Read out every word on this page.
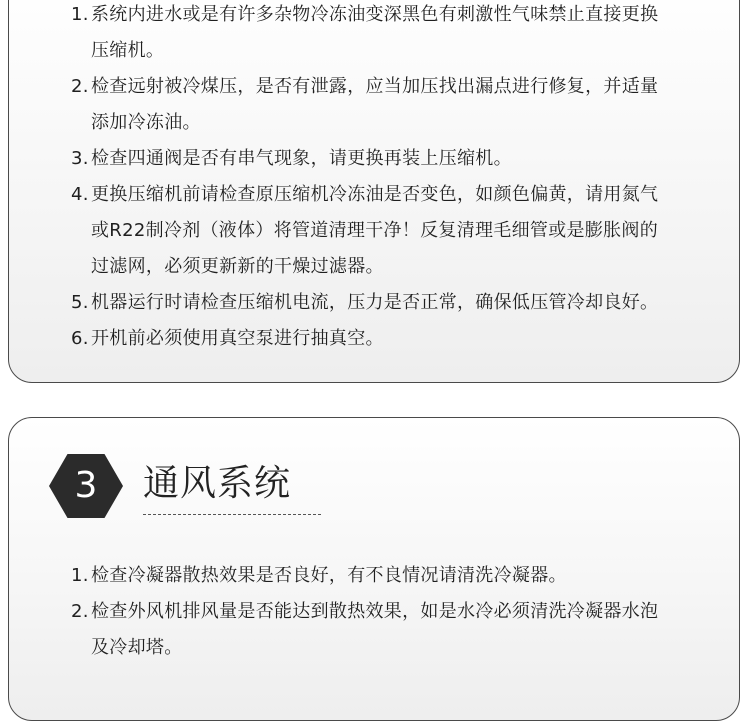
1. 系统内进水或是有许多杂物冷冻油变深黑色有刺激性气味禁止直接更换
压缩机。
2. 检查远射被冷煤压，是否有泄露，应当加压找出漏点进行修复，并适量
添加冷冻油。
3. 检查四通阀是否有串气现象，请更换再装上压缩机。
4. 更换压缩机前请检查原压缩机冷冻油是否变色，如颜色偏黄，请用氮气
或R22制冷剂（液体）将管道清理干净！反复清理毛细管或是膨胀阀的
过滤网，必须更新新的干燥过滤器。
5. 机器运行时请检查压缩机电流，压力是否正常，确保低压管冷却良好。
6. 开机前必须使用真空泵进行抽真空。
3	通风系统
1. 检查冷凝器散热效果是否良好，有不良情况请清洗冷凝器。
2. 检查外风机排风量是否能达到散热效果，如是水冷必须清洗冷凝器水泡
及冷却塔。
